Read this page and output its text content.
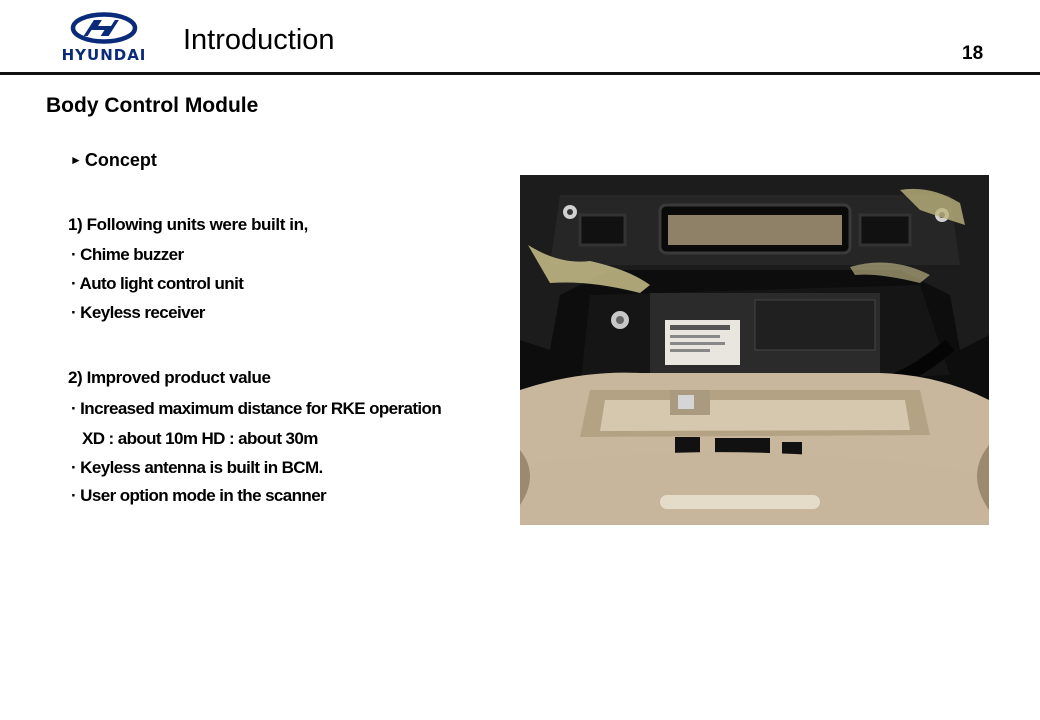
HYUNDAI Introduction	18
Body Control Module
► Concept
1) Following units were built in,
· Chime buzzer
· Auto light control unit
· Keyless receiver
2) Improved product value
· Increased maximum distance for RKE operation
XD : about 10m HD : about 30m
· Keyless antenna is built in BCM.
· User option mode in the scanner
